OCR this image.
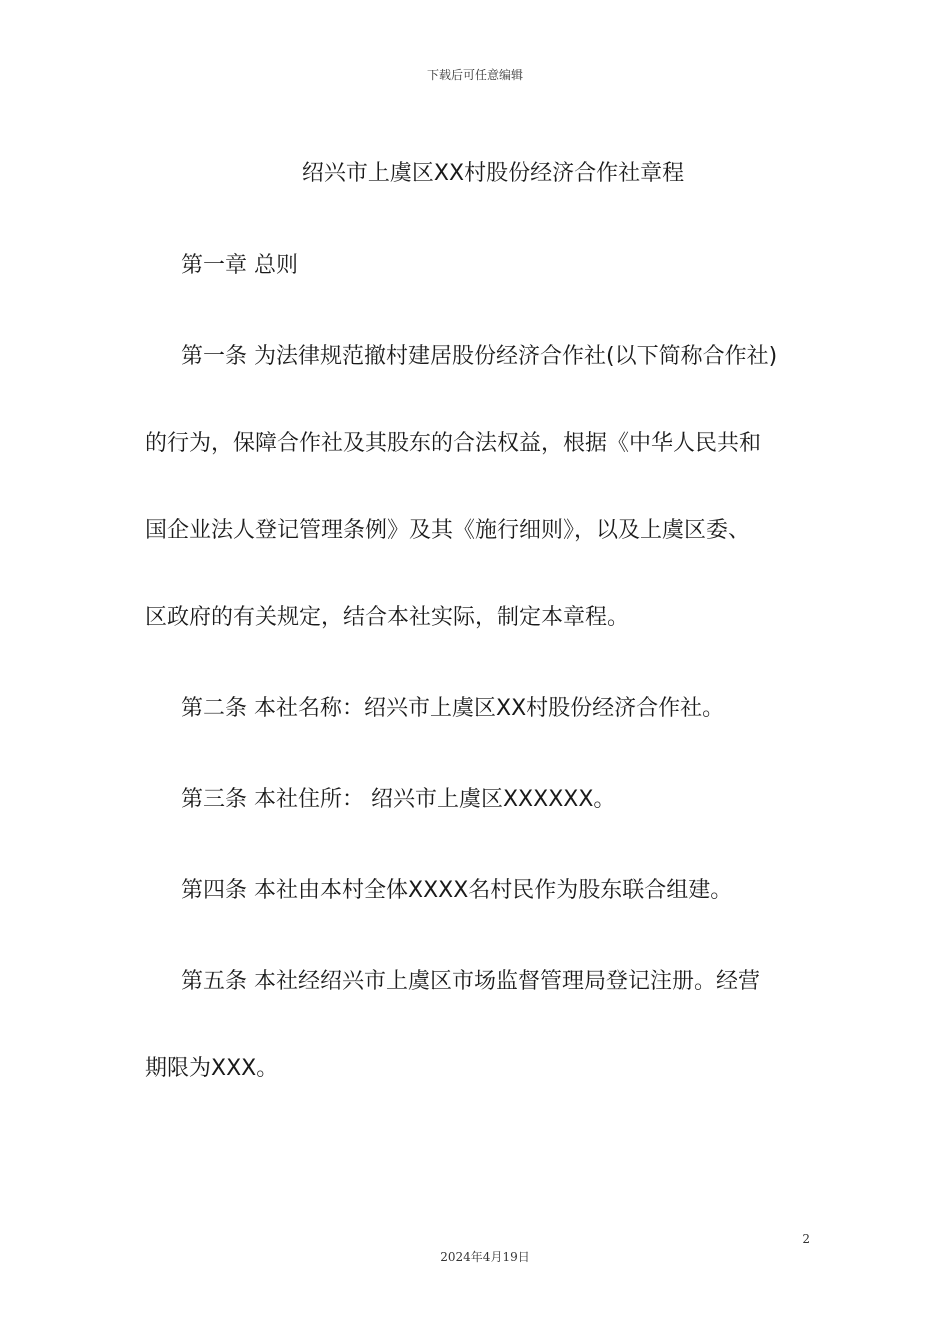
下载后可任意编辑
绍兴市上虞区XX村股份经济合作社章程
第一章 总则
第一条 为法律规范撤村建居股份经济合作社(以下简称合作社)
的行为，保障合作社及其股东的合法权益，根据《中华人民共和
国企业法人登记管理条例》及其《施行细则》，以及上虞区委、
区政府的有关规定，结合本社实际，制定本章程。
第二条 本社名称：绍兴市上虞区XX村股份经济合作社。
第三条 本社住所： 绍兴市上虞区XXXXXX。
第四条 本社由本村全体XXXX名村民作为股东联合组建。
第五条 本社经绍兴市上虞区市场监督管理局登记注册。经营
期限为XXX。
2
2024年4月19日
